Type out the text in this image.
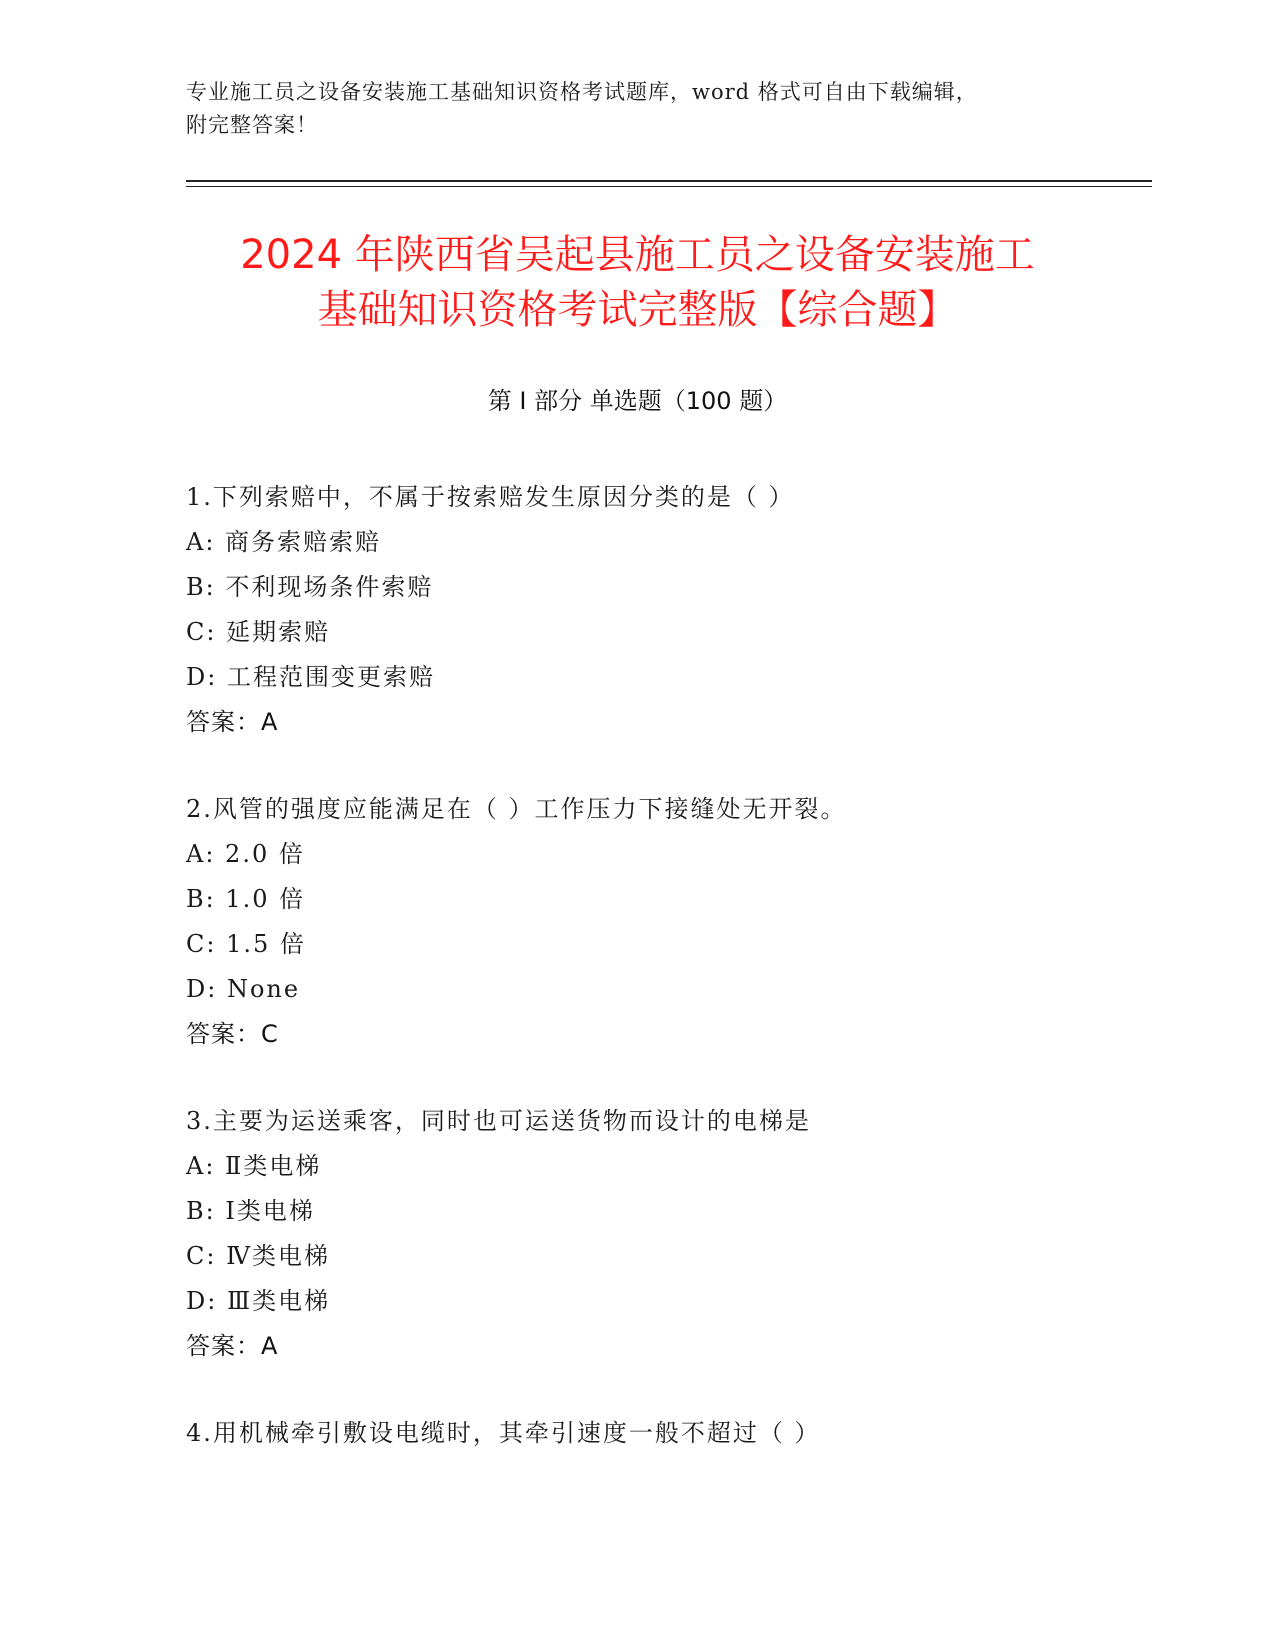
专业施工员之设备安装施工基础知识资格考试题库，word 格式可自由下载编辑，
附完整答案！
2024 年陕西省吴起县施工员之设备安装施工
基础知识资格考试完整版【综合题】
第 I 部分 单选题（100 题）
1.下列索赔中，不属于按索赔发生原因分类的是（ ）
A: 商务索赔索赔
B: 不利现场条件索赔
C: 延期索赔
D: 工程范围变更索赔
答案：A
2.风管的强度应能满足在（ ）工作压力下接缝处无开裂。
A: 2.0 倍
B: 1.0 倍
C: 1.5 倍
D: None
答案：C
3.主要为运送乘客，同时也可运送货物而设计的电梯是
A: Ⅱ类电梯
B: Ⅰ类电梯
C: Ⅳ类电梯
D: Ⅲ类电梯
答案：A
4.用机械牵引敷设电缆时，其牵引速度一般不超过（ ）
